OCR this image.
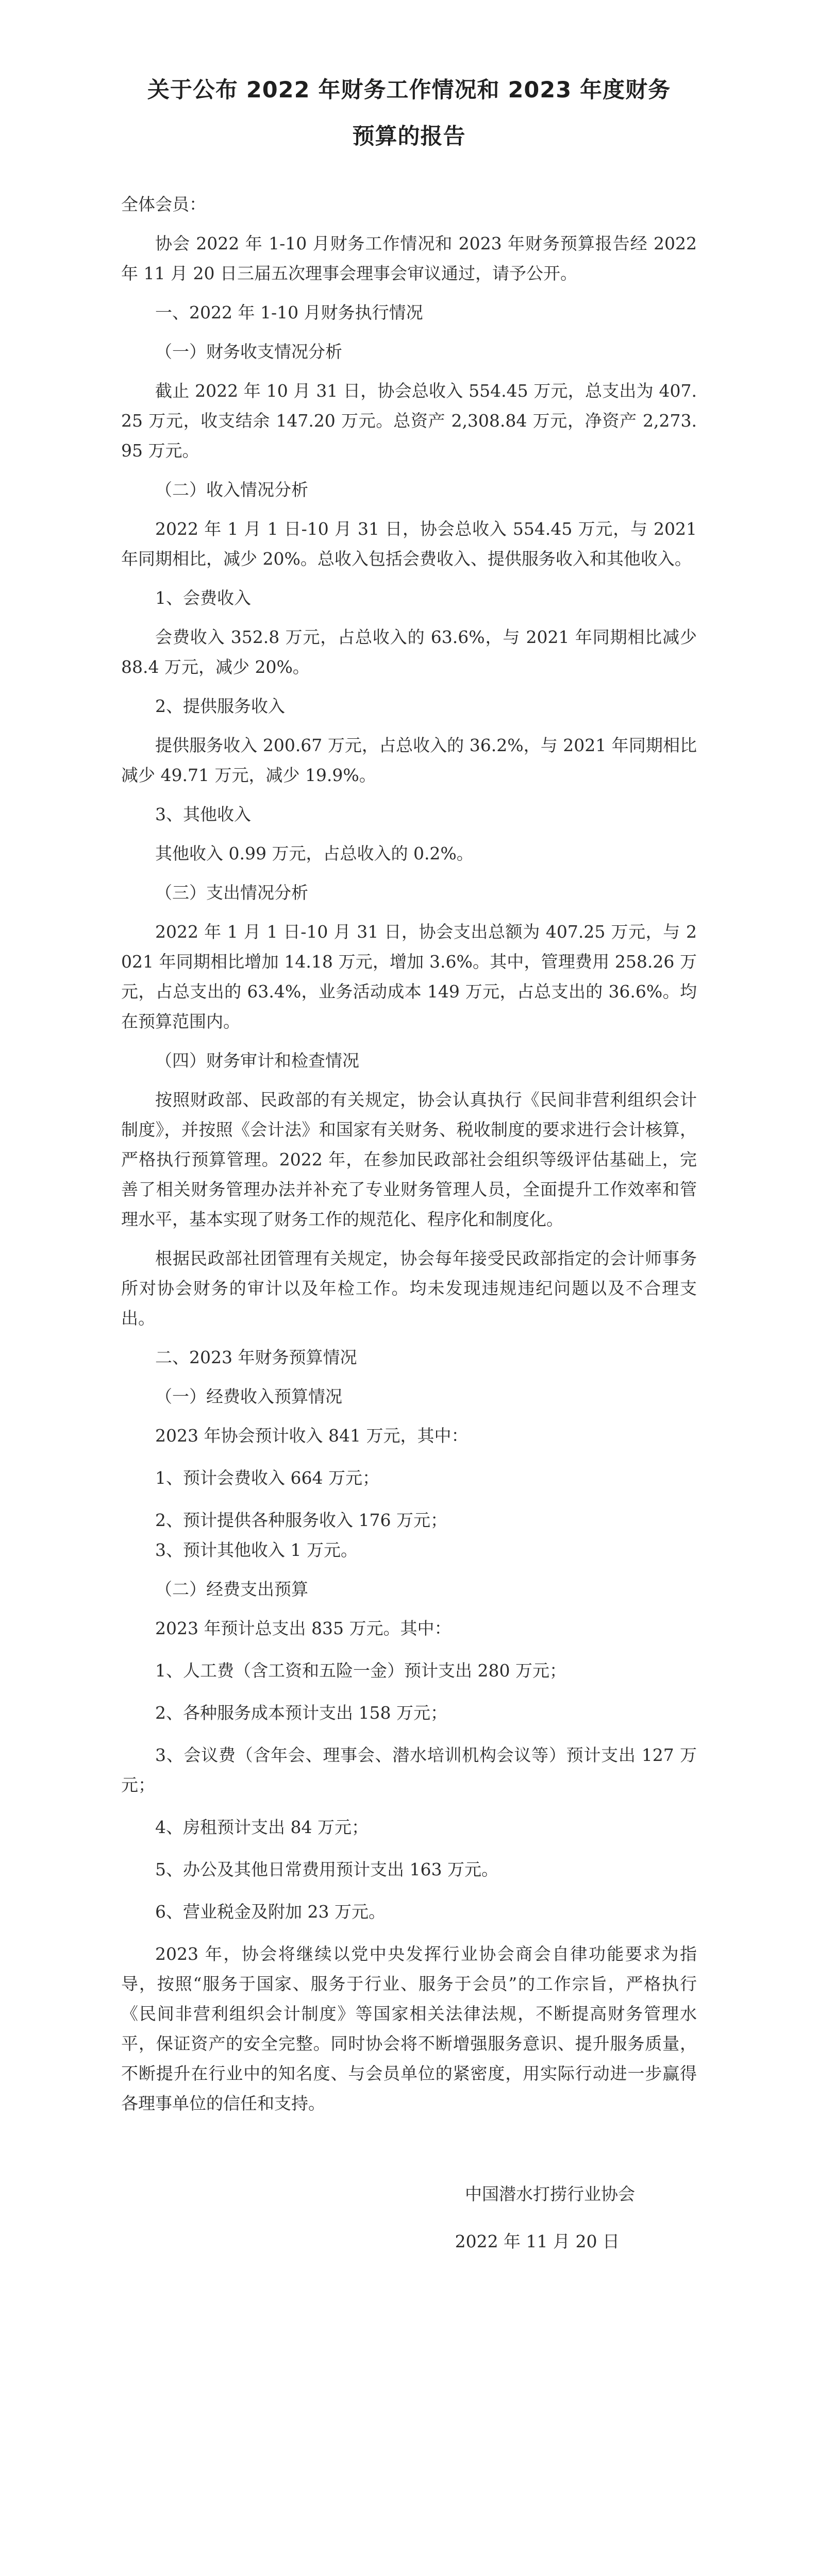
关于公布 2022 年财务工作情况和 2023 年度财务
预算的报告

全体会员：

协会 2022 年 1-10 月财务工作情况和 2023 年财务预算报告经 2022 年 11 月 20 日三届五次理事会理事会审议通过，请予公开。

一、2022 年 1-10 月财务执行情况

（一）财务收支情况分析

截止 2022 年 10 月 31 日，协会总收入 554.45 万元，总支出为 407.25 万元，收支结余 147.20 万元。总资产 2,308.84 万元，净资产 2,273.95 万元。

（二）收入情况分析

2022 年 1 月 1 日-10 月 31 日，协会总收入 554.45 万元，与 2021 年同期相比，减少 20%。总收入包括会费收入、提供服务收入和其他收入。

1、会费收入

会费收入 352.8 万元，占总收入的 63.6%，与 2021 年同期相比减少 88.4 万元，减少 20%。

2、提供服务收入

提供服务收入 200.67 万元，占总收入的 36.2%，与 2021 年同期相比减少 49.71 万元，减少 19.9%。

3、其他收入

其他收入 0.99 万元，占总收入的 0.2%。

（三）支出情况分析

2022 年 1 月 1 日-10 月 31 日，协会支出总额为 407.25 万元，与 2021 年同期相比增加 14.18 万元，增加 3.6%。其中，管理费用 258.26 万元，占总支出的 63.4%，业务活动成本 149 万元，占总支出的 36.6%。均在预算范围内。

（四）财务审计和检查情况

按照财政部、民政部的有关规定，协会认真执行《民间非营利组织会计制度》，并按照《会计法》和国家有关财务、税收制度的要求进行会计核算，严格执行预算管理。2022 年，在参加民政部社会组织等级评估基础上，完善了相关财务管理办法并补充了专业财务管理人员，全面提升工作效率和管理水平，基本实现了财务工作的规范化、程序化和制度化。

根据民政部社团管理有关规定，协会每年接受民政部指定的会计师事务所对协会财务的审计以及年检工作。均未发现违规违纪问题以及不合理支出。

二、2023 年财务预算情况

（一）经费收入预算情况

2023 年协会预计收入 841 万元，其中：

1、预计会费收入 664 万元；

2、预计提供各种服务收入 176 万元；

3、预计其他收入 1 万元。

（二）经费支出预算

2023 年预计总支出 835 万元。其中：

1、人工费（含工资和五险一金）预计支出 280 万元；

2、各种服务成本预计支出 158 万元；

3、会议费（含年会、理事会、潜水培训机构会议等）预计支出 127 万元；

4、房租预计支出 84 万元；

5、办公及其他日常费用预计支出 163 万元。

6、营业税金及附加 23 万元。

2023 年，协会将继续以党中央发挥行业协会商会自律功能要求为指导，按照“服务于国家、服务于行业、服务于会员”的工作宗旨，严格执行《民间非营利组织会计制度》等国家相关法律法规，不断提高财务管理水平，保证资产的安全完整。同时协会将不断增强服务意识、提升服务质量，不断提升在行业中的知名度、与会员单位的紧密度，用实际行动进一步赢得各理事单位的信任和支持。

中国潜水打捞行业协会
2022 年 11 月 20 日
